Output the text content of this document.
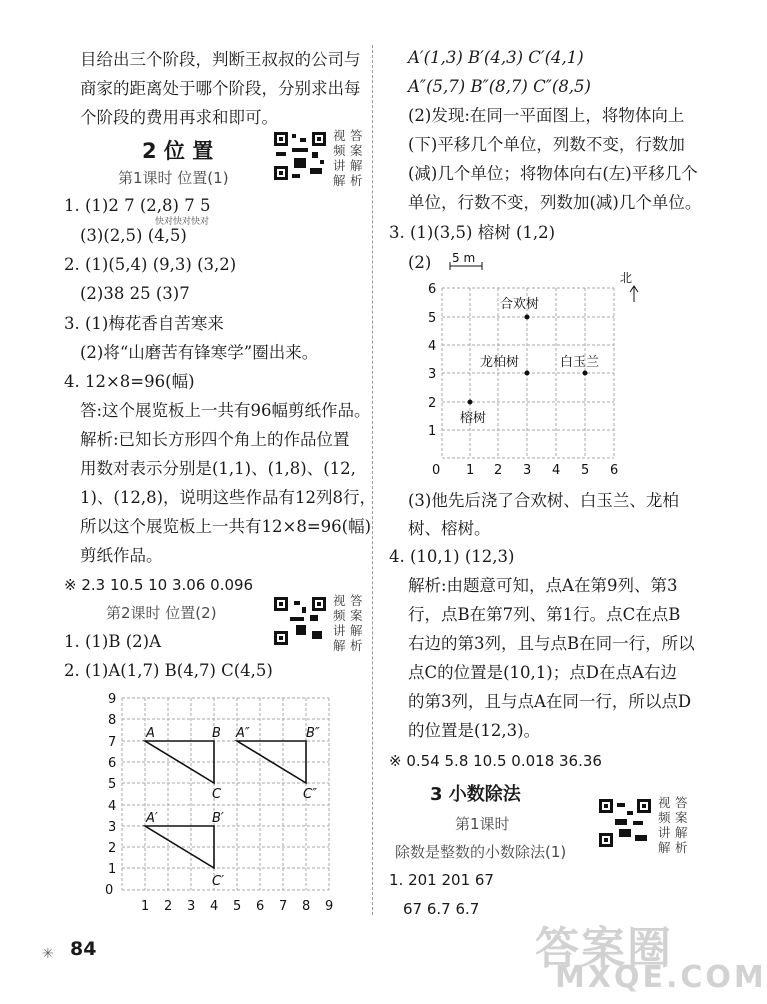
目给出三个阶段，判断王叔叔的公司与
商家的距离处于哪个阶段，分别求出每
个阶段的费用再求和即可。
2 位 置
视
频
讲
解
答
案
解
析
第1课时 位置(1)
1. (1)2 7 (2,8) 7 5
快对快对快对
(3)(2,5) (4,5)
2. (1)(5,4) (9,3) (3,2)
(2)38 25 (3)7
3. (1)梅花香自苦寒来
(2)将“山磨苦有锋寒学”圈出来。
4. 12×8=96(幅)
答:这个展览板上一共有96幅剪纸作品。
解析:已知长方形四个角上的作品位置
用数对表示分别是(1,1)、(1,8)、(12,
1)、(12,8)，说明这些作品有12列8行，
所以这个展览板上一共有12×8=96(幅)
剪纸作品。
※ 2.3 10.5 10 3.06 0.096
第2课时 位置(2)
视
频
讲
解
答
案
解
析
1. (1)B (2)A
2. (1)A(1,7) B(4,7) C(4,5)
0
1 2 3 4 5 6 7 8 9
1
2
3
4
5
6
7
8
9
A	B
C
A″	B″
C″
A′	B′
C′
✳ 84
A′(1,3) B′(4,3) C′(4,1)
A″(5,7) B″(8,7) C″(8,5)
(2)发现:在同一平面图上，将物体向上
(下)平移几个单位，列数不变，行数加
(减)几个单位；将物体向右(左)平移几个
单位，行数不变，列数加(减)几个单位。
3. (1)(3,5) 榕树 (1,2)
(2) 5 m
北
合欢树
龙柏树	白玉兰
榕树
0 1 2 3 4 5 6
1
2
3
4
5
6
(3)他先后浇了合欢树、白玉兰、龙柏
树、榕树。
4. (10,1) (12,3)
解析:由题意可知，点A在第9列、第3
行，点B在第7列、第1行。点C在点B
右边的第3列，且与点B在同一行，所以
点C的位置是(10,1)；点D在点A右边
的第3列，且与点A在同一行，所以点D
的位置是(12,3)。
※ 0.54 5.8 10.5 0.018 36.36
3 小数除法	视
频
讲
解
答
案
解
析
第1课时
除数是整数的小数除法(1)
1. 201 201 67
67 6.7 6.7
答案圈
MXQE.COM
